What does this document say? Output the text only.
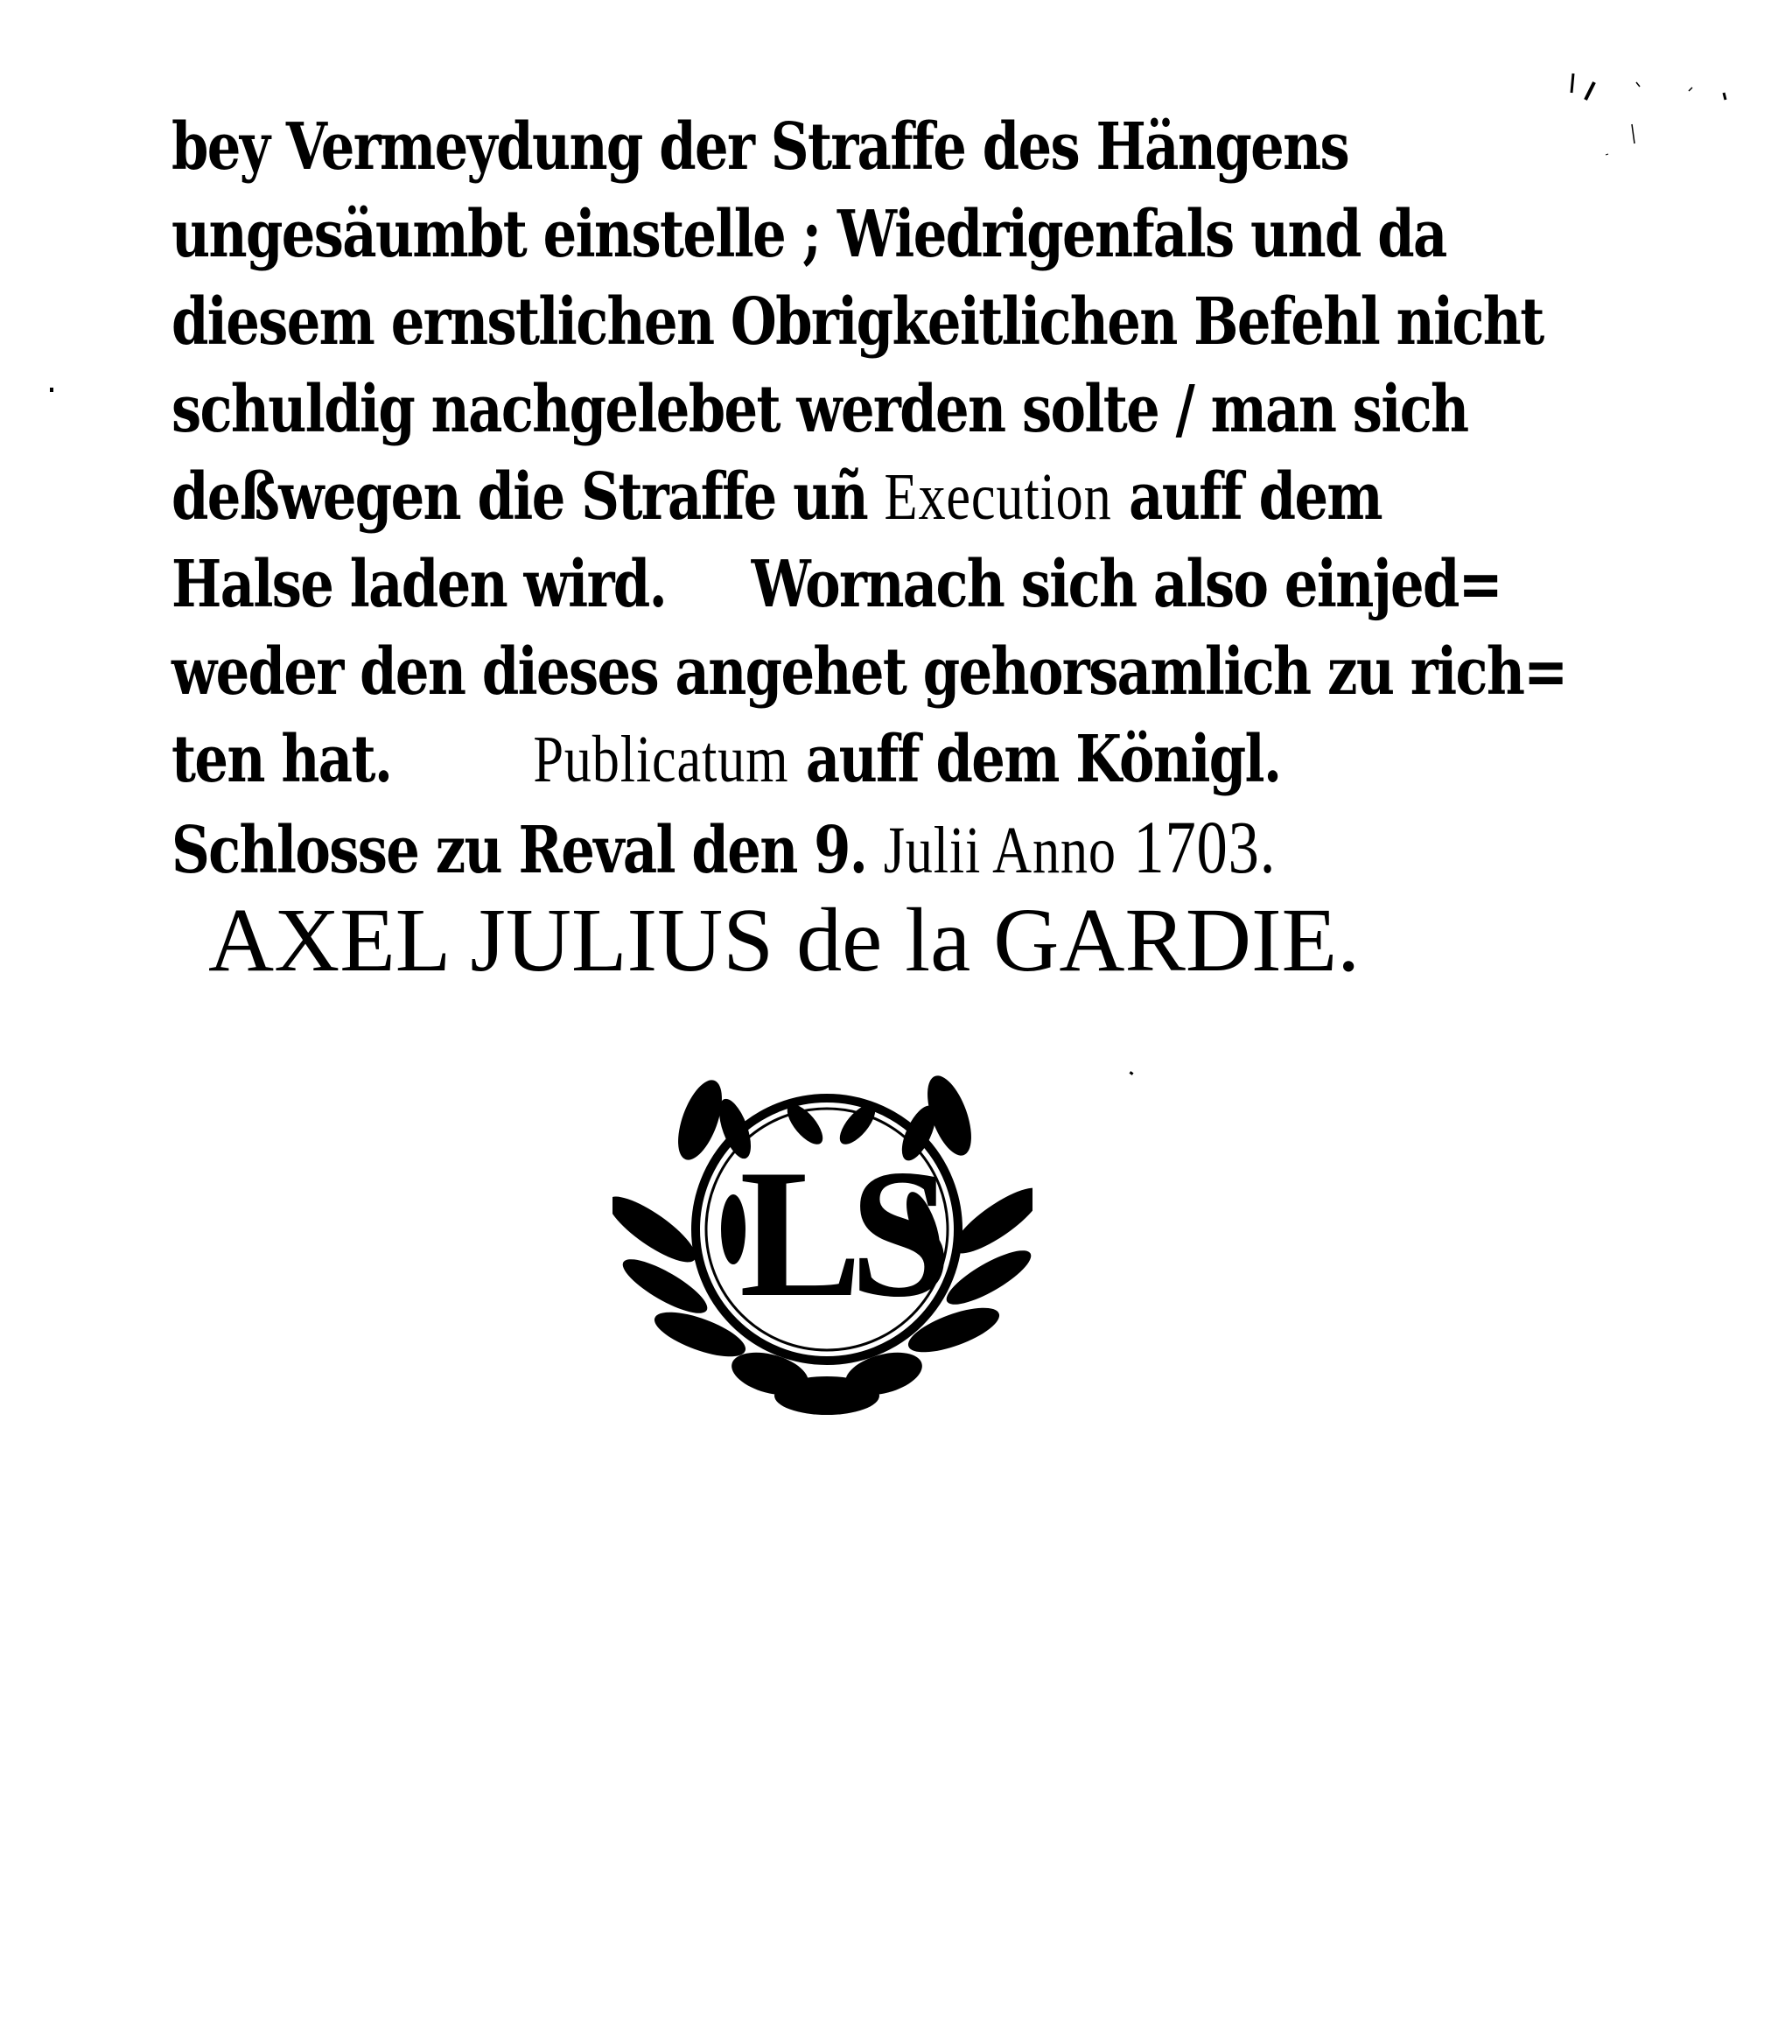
bey Vermeydung der Straffe des Hängens
ungesäumbt einstelle ; Wiedrigenfals und da
diesem ernstlichen Obrigkeitlichen Befehl nicht
schuldig nachgelebet werden solte / man sich
deßwegen die Straffe uñ Execution auff dem
Halse laden wird.     Wornach sich also einjed=
weder den dieses angehet gehorsamlich zu rich=
ten hat. Publicatum auff dem Königl.
Schlosse zu Reval den 9. Julii Anno 1703.
AXEL JULIUS de la GARDIE.
LS
